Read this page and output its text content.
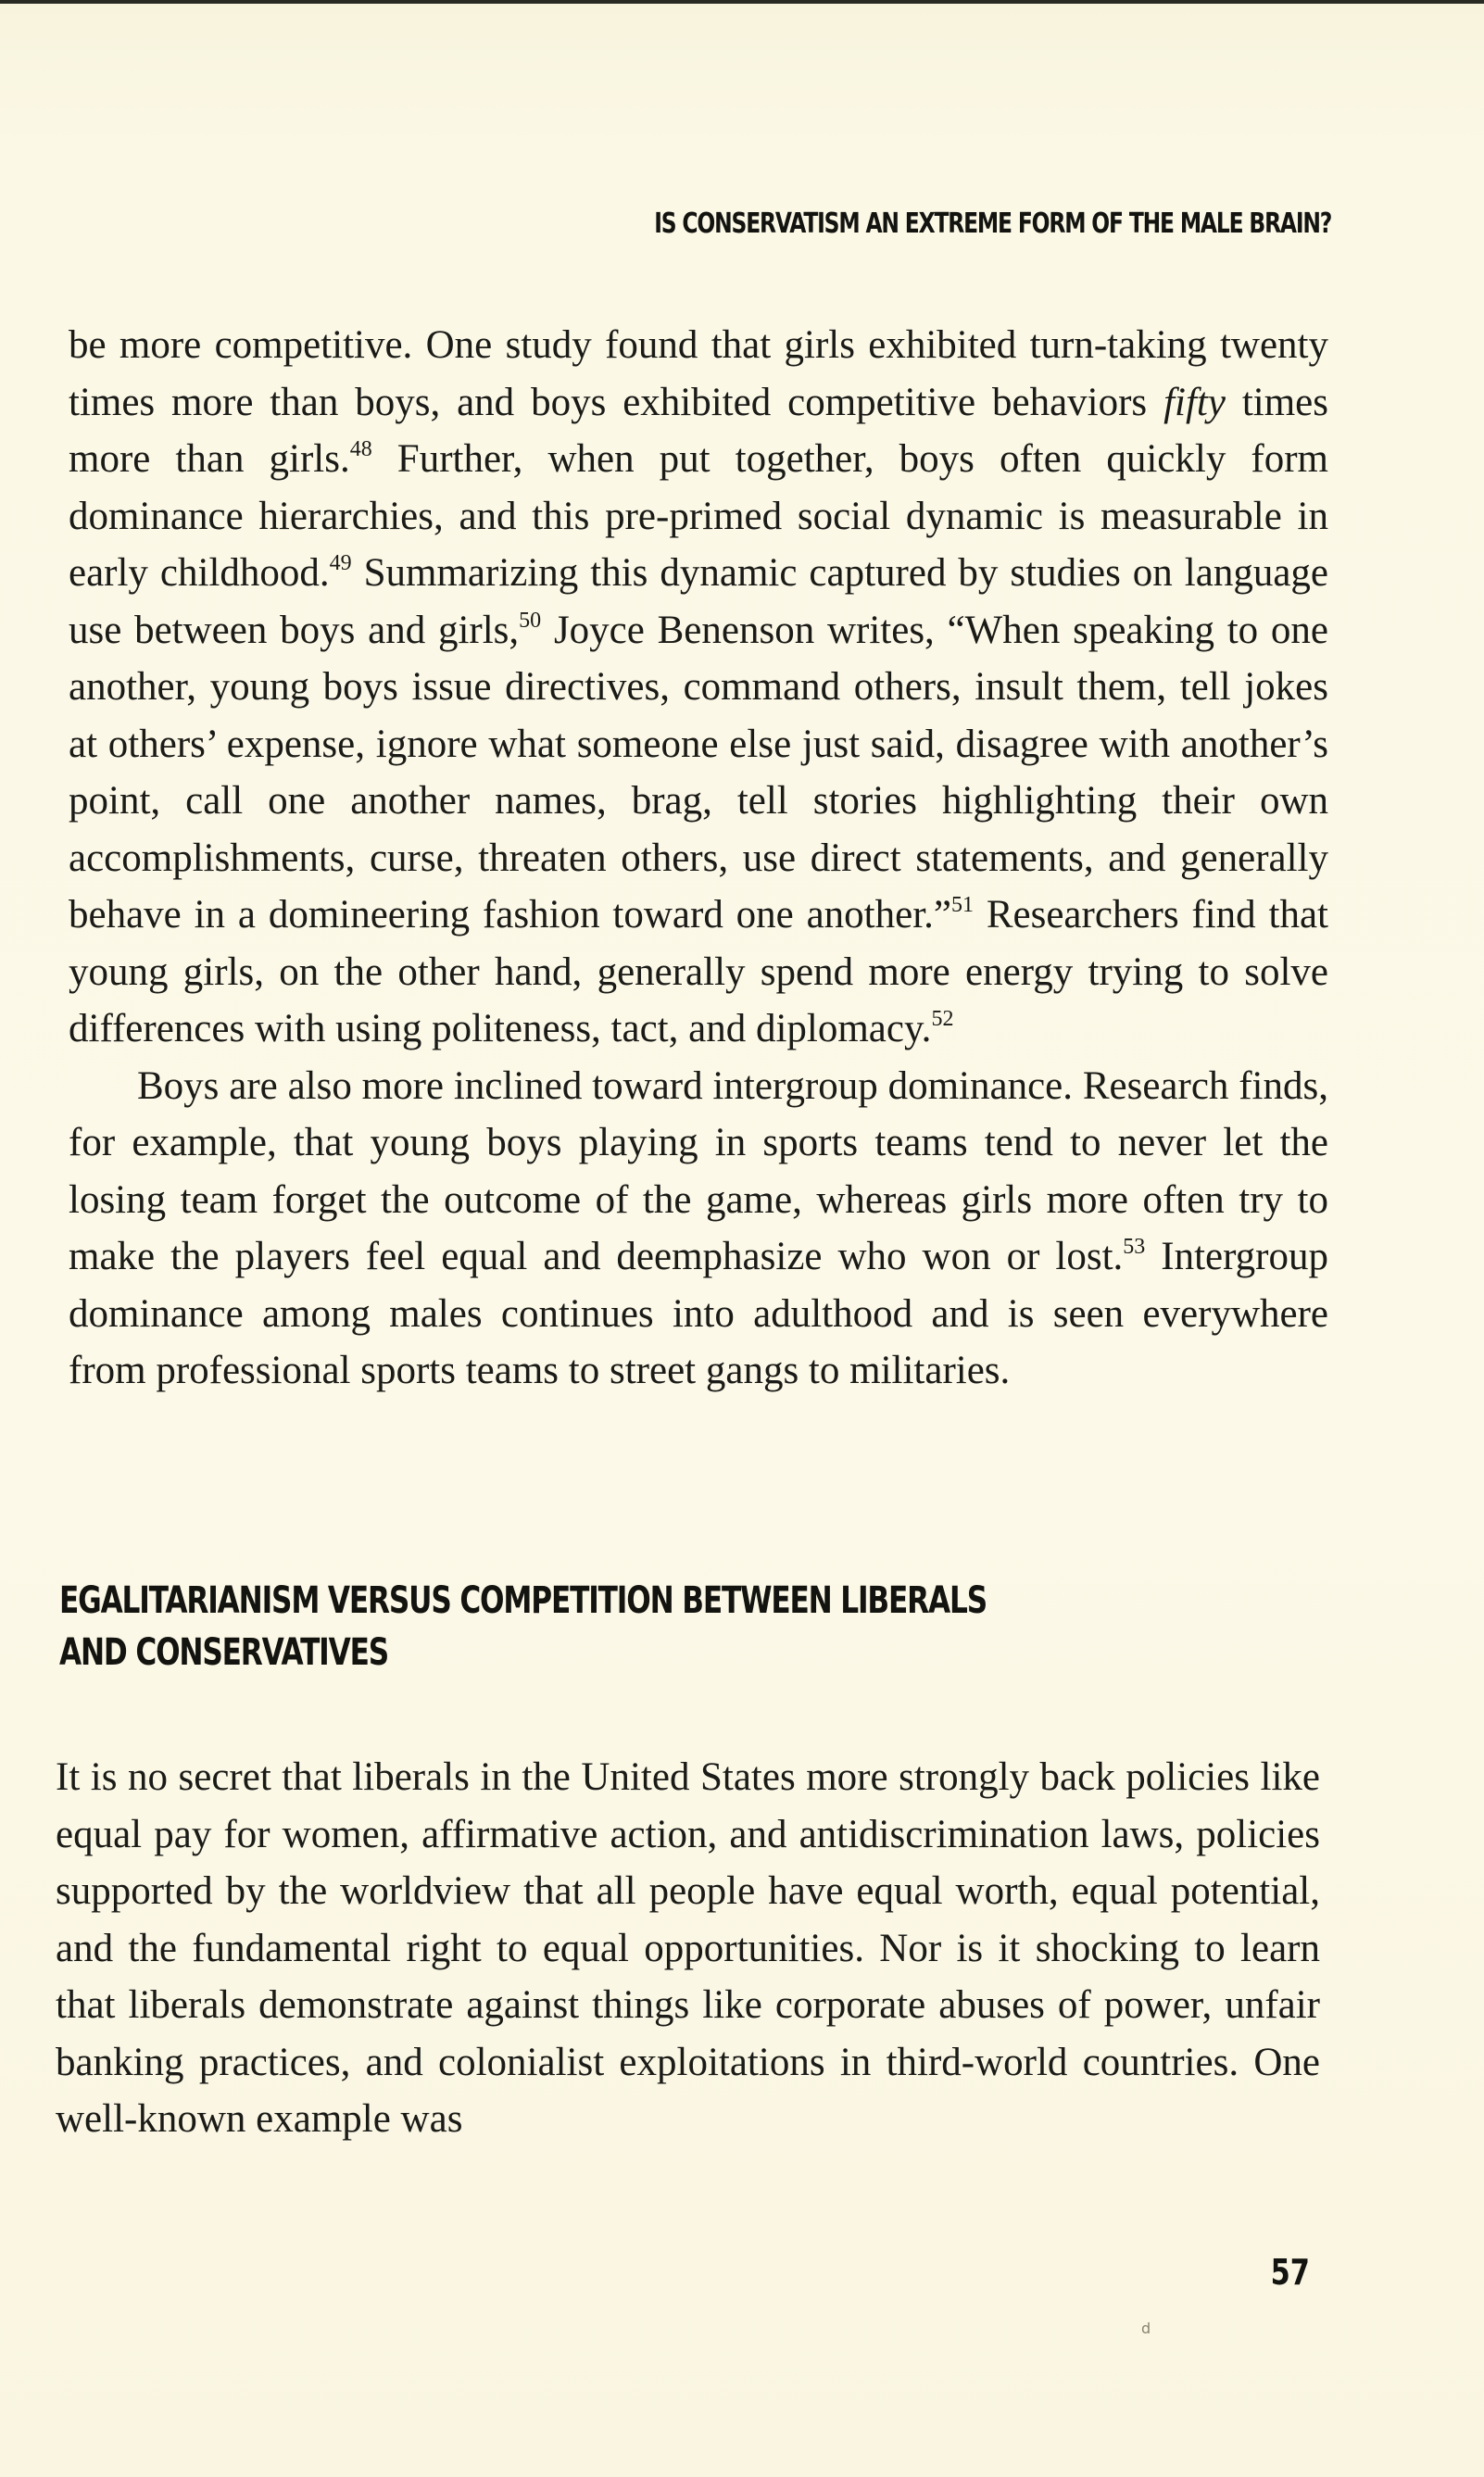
IS CONSERVATISM AN EXTREME FORM OF THE MALE BRAIN?

be more competitive. One study found that girls exhibited turn-taking twenty times more than boys, and boys exhibited competitive behaviors fifty times more than girls.$^{48}$ Further, when put together, boys often quickly form dominance hierarchies, and this pre-primed social dynamic is measurable in early childhood.$^{49}$ Summarizing this dynamic captured by studies on language use between boys and girls,$^{50}$ Joyce Benenson writes, “When speaking to one another, young boys issue directives, command others, insult them, tell jokes at others’ expense, ignore what someone else just said, disagree with another’s point, call one another names, brag, tell stories highlighting their own accomplishments, curse, threaten others, use direct statements, and generally behave in a domineering fashion toward one another.”$^{51}$ Researchers find that young girls, on the other hand, generally spend more energy trying to solve differences with using politeness, tact, and diplomacy.$^{52}$

Boys are also more inclined toward intergroup dominance. Research finds, for example, that young boys playing in sports teams tend to never let the losing team forget the outcome of the game, whereas girls more often try to make the players feel equal and deemphasize who won or lost.$^{53}$ Intergroup dominance among males continues into adulthood and is seen everywhere from professional sports teams to street gangs to militaries.

EGALITARIANISM VERSUS COMPETITION BETWEEN LIBERALS
AND CONSERVATIVES

It is no secret that liberals in the United States more strongly back policies like equal pay for women, affirmative action, and antidiscrimination laws, policies supported by the worldview that all people have equal worth, equal potential, and the fundamental right to equal opportunities. Nor is it shocking to learn that liberals demonstrate against things like corporate abuses of power, unfair banking practices, and colonialist exploitations in third-world countries. One well-known example was

57
ⅾ
